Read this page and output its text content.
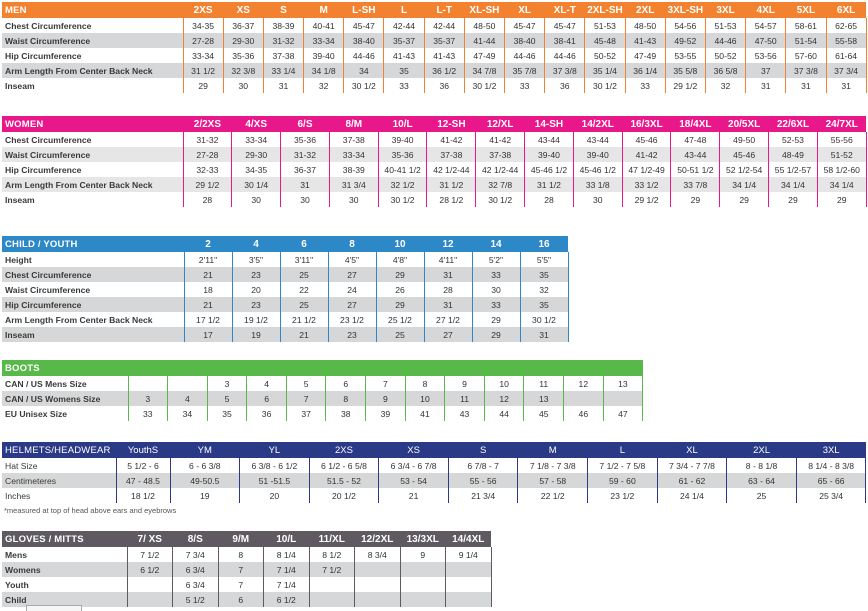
MEN	2XS	XS	S	M	L-SH	L	L-T	XL-SH	XL	XL-T	2XL-SH	2XL	3XL-SH	3XL	4XL	5XL	6XL
Chest Circumference	34-35	36-37	38-39	40-41	45-47	42-44	42-44	48-50	45-47	45-47	51-53	48-50	54-56	51-53	54-57	58-61	62-65
Waist Circumference	27-28	29-30	31-32	33-34	38-40	35-37	35-37	41-44	38-40	38-41	45-48	41-43	49-52	44-46	47-50	51-54	55-58
Hip Circumference	33-34	35-36	37-38	39-40	44-46	41-43	41-43	47-49	44-46	44-46	50-52	47-49	53-55	50-52	53-56	57-60	61-64
Arm Length From Center Back Neck	31 1/2	32 3/8	33 1/4	34 1/8	34	35	36 1/2	34 7/8	35 7/8	37 3/8	35 1/4	36 1/4	35 5/8	36 5/8	37	37 3/8	37 3/4
Inseam	29	30	31	32	30 1/2	33	36	30 1/2	33	36	30 1/2	33	29 1/2	32	31	31	31
WOMEN	2/2XS	4/XS	6/S	8/M	10/L	12-SH	12/XL	14-SH	14/2XL	16/3XL	18/4XL	20/5XL	22/6XL	24/7XL
Chest Circumference	31-32	33-34	35-36	37-38	39-40	41-42	41-42	43-44	43-44	45-46	47-48	49-50	52-53	55-56
Waist Circumference	27-28	29-30	31-32	33-34	35-36	37-38	37-38	39-40	39-40	41-42	43-44	45-46	48-49	51-52
Hip Circumference	32-33	34-35	36-37	38-39	40-41 1/2	42 1/2-44	42 1/2-44	45-46 1/2	45-46 1/2	47 1/2-49	50-51 1/2	52 1/2-54	55 1/2-57	58 1/2-60
Arm Length From Center Back Neck	29 1/2	30 1/4	31	31 3/4	32 1/2	31 1/2	32 7/8	31 1/2	33 1/8	33 1/2	33 7/8	34 1/4	34 1/4	34 1/4
Inseam	28	30	30	30	30 1/2	28 1/2	30 1/2	28	30	29 1/2	29	29	29	29
CHILD / YOUTH	2	4	6	8	10	12	14	16
Height	2'11"	3'5"	3'11"	4'5"	4'8"	4'11"	5'2"	5'5"
Chest Circumference	21	23	25	27	29	31	33	35
Waist Circumference	18	20	22	24	26	28	30	32
Hip Circumference	21	23	25	27	29	31	33	35
Arm Length From Center Back Neck	17 1/2	19 1/2	21 1/2	23 1/2	25 1/2	27 1/2	29	30 1/2
Inseam	17	19	21	23	25	27	29	31
BOOTS													
CAN / US Mens Size			3	4	5	6	7	8	9	10	11	12	13
CAN / US Womens Size	3	4	5	6	7	8	9	10	11	12	13		
EU Unisex Size	33	34	35	36	37	38	39	41	43	44	45	46	47
HELMETS/HEADWEAR	YouthS	YM	YL	2XS	XS	S	M	L	XL	2XL	3XL
Hat Size	5 1/2 - 6	6 - 6 3/8	6 3/8 - 6 1/2	6 1/2 - 6 5/8	6 3/4 - 6 7/8	6 7/8 - 7	7 1/8 - 7 3/8	7 1/2 - 7 5/8	7 3/4 - 7 7/8	8 - 8 1/8	8 1/4 - 8 3/8
Centimeteres	47 - 48.5	49-50.5	51 -51.5	51.5 - 52	53 - 54	55 - 56	57 - 58	59 - 60	61 - 62	63 - 64	65 - 66
Inches	18 1/2	19	20	20 1/2	21	21 3/4	22 1/2	23 1/2	24 1/4	25	25 3/4
*measured at top of head above ears and eyebrows
GLOVES / MITTS	7/ XS	8/S	9/M	10/L	11/XL	12/2XL	13/3XL	14/4XL
Mens	7 1/2	7 3/4	8	8 1/4	8 1/2	8 3/4	9	9 1/4
Womens	6 1/2	6 3/4	7	7 1/4	7 1/2			
Youth		6 3/4	7	7 1/4				
Child		5 1/2	6	6 1/2				
